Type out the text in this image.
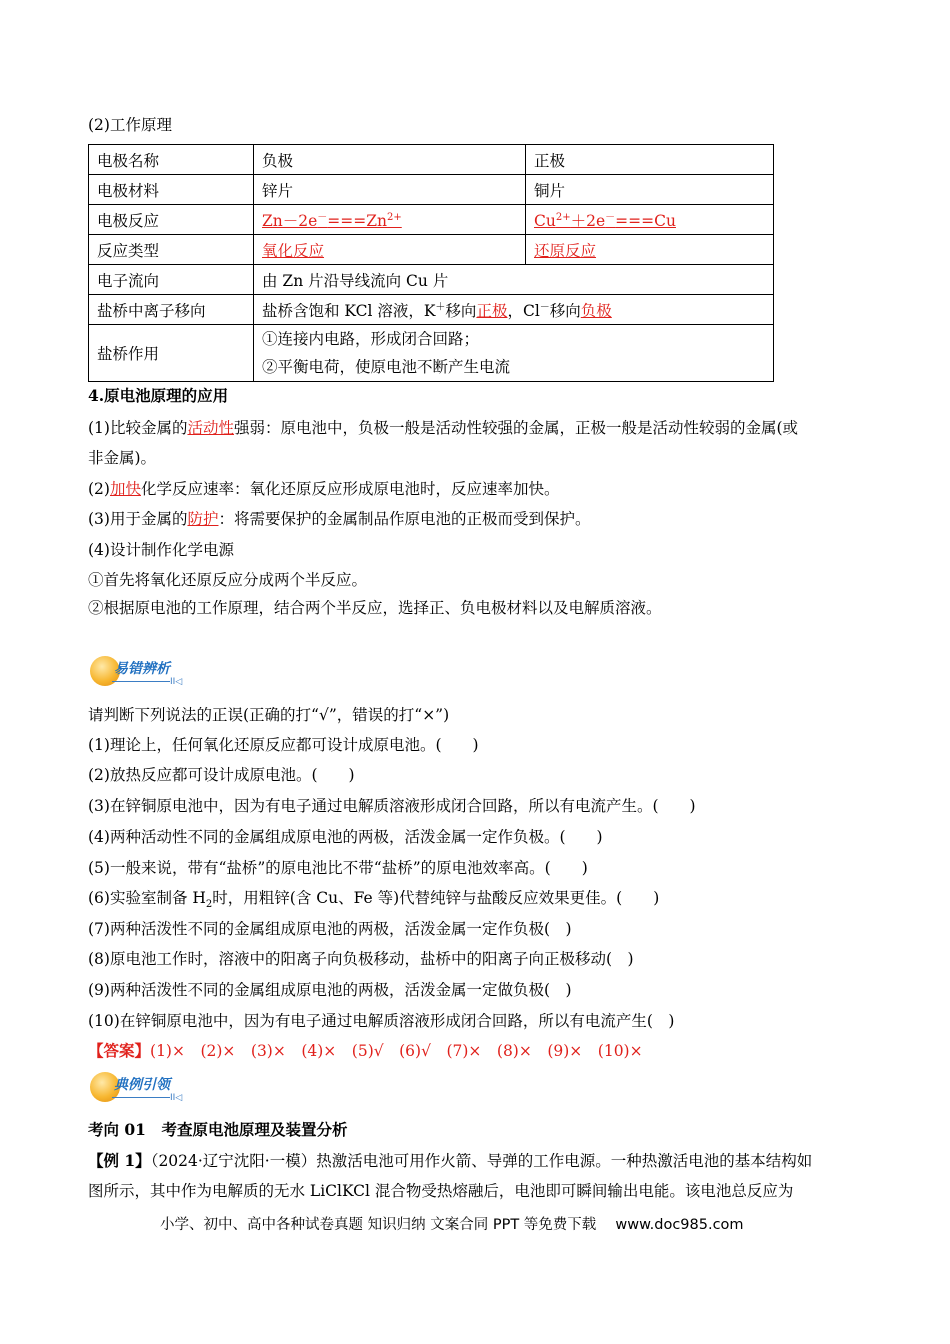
(2)工作原理
电极名称	负极	正极
电极材料	锌片	铜片
电极反应	$Zn-2e^-===Zn^{2+}$	$Cu^{2+}+2e^-===Cu$
反应类型	氧化反应	还原反应
电子流向	由 Zn 片沿导线流向 Cu 片	
盐桥中离子移向	盐桥含饱和 KCl 溶液，K＋移向正极，Cl－移向负极	
盐桥作用	①连接内电路，形成闭合回路；
②平衡电荷，使原电池不断产生电流	
4.原电池原理的应用
(1)比较金属的活动性强弱：原电池中，负极一般是活动性较强的金属，正极一般是活动性较弱的金属(或
非金属)。
(2)加快化学反应速率：氧化还原反应形成原电池时，反应速率加快。
(3)用于金属的防护：将需要保护的金属制品作原电池的正极而受到保护。
(4)设计制作化学电源
①首先将氧化还原反应分成两个半反应。
②根据原电池的工作原理，结合两个半反应，选择正、负电极材料以及电解质溶液。
易错辨析
II◁
请判断下列说法的正误(正确的打“√”，错误的打“×”)
(1)理论上，任何氧化还原反应都可设计成原电池。(　　)
(2)放热反应都可设计成原电池。(　　)
(3)在锌铜原电池中，因为有电子通过电解质溶液形成闭合回路，所以有电流产生。(　　)
(4)两种活动性不同的金属组成原电池的两极，活泼金属一定作负极。(　　)
(5)一般来说，带有“盐桥”的原电池比不带“盐桥”的原电池效率高。(　　)
(6)实验室制备 $H_2$时，用粗锌(含 Cu、Fe 等)代替纯锌与盐酸反应效果更佳。(　　)
(7)两种活泼性不同的金属组成原电池的两极，活泼金属一定作负极(　)
(8)原电池工作时，溶液中的阳离子向负极移动，盐桥中的阳离子向正极移动(　)
(9)两种活泼性不同的金属组成原电池的两极，活泼金属一定做负极(　)
(10)在锌铜原电池中，因为有电子通过电解质溶液形成闭合回路，所以有电流产生(　)
【答案】(1)×　(2)×　(3)×　(4)×　(5)√　(6)√　(7)×　(8)×　(9)×　(10)×
典例引领
II◁
考向 01　考查原电池原理及装置分析
【例 1】（2024·辽宁沈阳·一模）热激活电池可用作火箭、导弹的工作电源。一种热激活电池的基本结构如
图所示，其中作为电解质的无水 LiClKCl 混合物受热熔融后，电池即可瞬间输出电能。该电池总反应为
小学、初中、高中各种试卷真题 知识归纳 文案合同 PPT 等免费下载　 www.doc985.com
